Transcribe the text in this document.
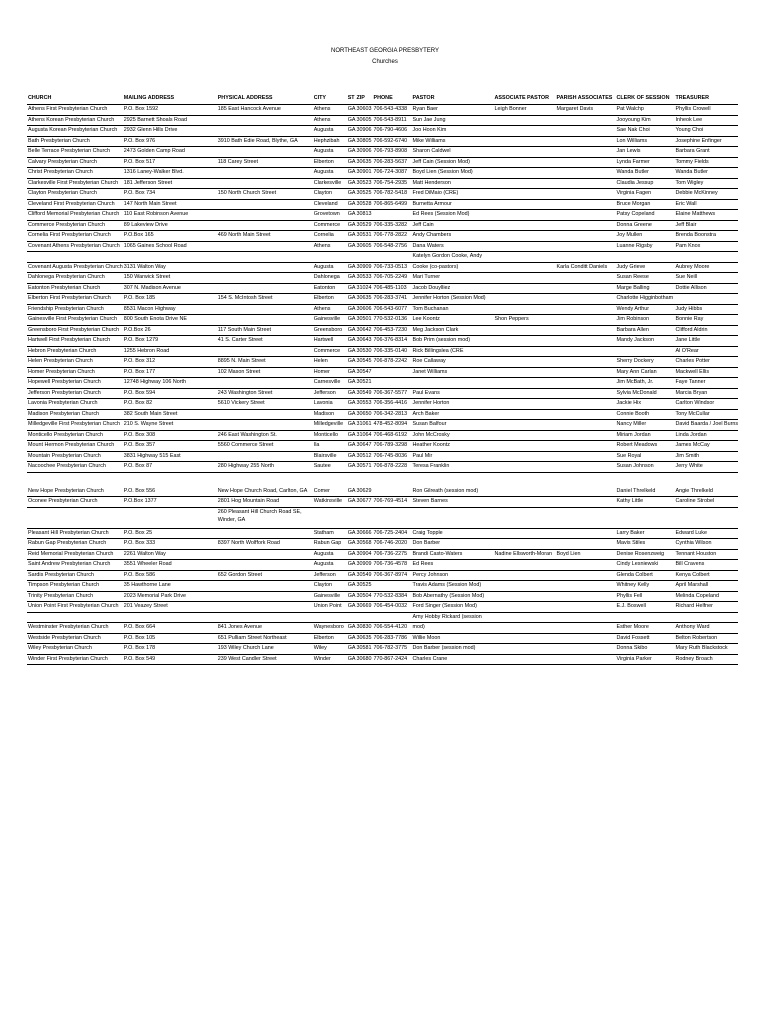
NORTHEAST GEORGIA PRESBYTERY
Churches
CHURCH	MAILING ADDRESS	PHYSICAL ADDRESS	CITY	ST	ZIP	PHONE	PASTOR	ASSOCIATE PASTOR	PARISH ASSOCIATES	CLERK OF SESSION	TREASURER
Athens First Presbyterian Church	P.O. Box 1592	185 East Hancock Avenue	Athens	GA	30603	706-543-4338	Ryan Baer	Leigh Bonner	Margaret Davis	Pat Walchp	Phyllis Crowell
Athens Korean Presbyterian Church	2925 Barnett Shoals Road		Athens	GA	30605	706-543-8911	Sun Jae Jung			Jooyoung Kim	Inheok Lee
Augusta Korean Presbyterian Church	2932 Glenn Hills Drive		Augusta	GA	30906	706-790-4606	Joo Hoon Kim			Sae Nak Choi	Young Choi
Bath Presbyterian Church	P.O. Box 976	3910 Bath Edie Road, Blythe, GA	Hephzibah	GA	30805	706-592-6740	Mike Williams			Lon Williams	Josephine Enfinger
Belle Terrace Presbyterian Church	2473 Golden Camp Road		Augusta	GA	30906	706-793-8908	Sharon Caldwel			Jan Lewis	Barbara Grant
Calvary Presbyterian Church	P.O. Box 517	118 Carey Street	Elberton	GA	30635	706-283-5637	Jeff Cain (Session Mod)			Lynda Farmer	Tommy Fields
Christ Presbyterian Church	1316 Laney-Walker Blvd.		Augusta	GA	30901	706-724-3087	Boyd Lien (Session Mod)			Wanda Butler	Wanda Butler
Clarkesville First Presbyterian Church	181 Jefferson Street		Clarkesville	GA	30523	706-754-2935	Matt Henderson			Claudia Jessup	Tom Wigley
Clayton Presbyterian Church	P.O. Box 734	150 North Church Street	Clayton	GA	30525	706-782-5418	Fred DiMaio (CRE)			Virginia Fagen	Debbie McKinney
Cleveland First Presbyterian Church	147 North Main Street		Cleveland	GA	30528	706-865-6499	Burnetta Armour			Bruce Morgan	Eric Wall
Clifford Memorial Presbyterian Church	110 East Robinson Avenue		Grovetown	GA	30813		Ed Rees (Session Mod)			Patsy Copeland	Elaine Matthews
Commerce Presbyterian Church	89 Lakeview Drive		Commerce	GA	30529	706-335-3282	Jeff Cain			Donna Greene	Jeff Blair
Cornelia First Presbyterian Church	P.O.Box 165	469 North Main Street	Cornelia	GA	30531	706-778-2822	Andy Chambers			Joy Mullen	Brenda Boonstra
Covenant Athens Presbyterian Church	1065 Gaines School Road		Athens	GA	30605	706-548-2756	Dana Waters			Luanne Rigsby	Pam Knox
							Katelyn Gordon Cooke, Andy				
Covenant Augusta Presbyterian Church	3131 Walton Way		Augusta	GA	30909	706-733-0513	Cooke (co-pastors)		Karla Conditt Daniels	Judy Grieve	Aubrey Moore
Dahlonega Presbyterian Church	150 Warwick Street		Dahlonega	GA	30533	706-705-2249	Mari Turner			Susan Reese	Sue Neill
Eatonton Presbyterian Church	307 N. Madison Avenue		Eatonton	GA	31024	706-485-1103	Jacob Douylliez			Marge Balling	Dottie Allison
Elberton First Presbyterian Church	P.O. Box 185	154 S. McIntosh Street	Elberton	GA	30635	706-283-3741	Jennifer Horton (Session Mod)			Charlotte Higginbotham	
Friendship Presbyterian Church	8531 Macon Highway		Athens	GA	30606	706-543-6077	Tom Buchanan			Wendy Arthur	Judy Hibbs
Gainesville First Presbyterian Church	800 South Enota Drive NE		Gainesville	GA	30501	770-532-0136	Lee Koontz	Shon Peppers		Jim Robinson	Bonnie Ray
Greensboro First Presbyterian Church	P.O.Box 26	117 South Main Street	Greensboro	GA	30642	706-453-7230	Meg Jackson Clark			Barbara Allen	Clifford Aldrin
Hartwell First Presbyterian Church	P.O. Box 1279	41 S. Carter Street	Hartwell	GA	30643	706-376-8314	Bob Prim (session mod)			Mandy Jackson	Jane Little
Hebron Presbyterian Church	1255 Hebron Road		Commerce	GA	30530	706-335-0140	Rick Billingslea (CRE				Al O'Rear
Helen Presbyterian Church	P.O. Box 312	8895 N. Main Street	Helen	GA	30545	706-878-2242	Roe Callaway			Sherry Dockery	Charles Potter
Homer Presbyterian Church	P.O. Box 177	102 Mason Street	Homer	GA	30547		Janet Williams			Mary Ann Carlan	Mackwell Ellis
Hopewell Presbyterian Church	12748 Highway 106 North		Carnesville	GA	30521					Jim McBath, Jr.	Faye Tanner
Jefferson Presbyterian Church	P.O. Box 594	243 Washington Street	Jefferson	GA	30549	706-367-5577	Paul Evans			Sylvia McDonald	Marcia Bryan
Lavonia Presbyterian Church	P.O. Box 82	5610 Vickery Street	Lavonia	GA	30553	706-356-4416	Jennifer Horton			Jackie Hix	Carlton Windsor
Madison Presbyterian Church	382 South Main Street		Madison	GA	30650	706-342-2813	Arch Baker			Connie Booth	Tony McCullar
Milledgeville First Presbyterian Church	210 S. Wayne Street		Milledgeville	GA	31061	478-452-8094	Susan Balfour			Nancy Miller	David Baarda / Joel Burns
Monticello Presbyterian Church	P.O. Box 308	246 East Washington St.	Monticello	GA	31064	706-468-6192	John McCrosky			Miriam Jordan	Linda Jordan
Mount Hermon Presbyterian Church	P.O. Box 357	5560 Commerce Street	Ila	GA	30647	706-789-3298	Heather Koontz			Robert Meadows	James McCay
Mountain Presbyterian Church	3831 Highway 515 East		Blairsville	GA	30512	706-745-8036	Paul Mir			Sue Royal	Jim Smith
Nacoochee Presbyterian Church	P.O. Box 87	280 Highway 255 North	Sautee	GA	30571	706-878-2228	Teresa Franklin			Susan Johnson	Jerry White

New Hope Presbyterian Church	P.O. Box 556	New Hope Church Road, Carlton, GA	Comer	GA	30629		Ron Gilreath (session mod)			Daniel Threlkeld	Angie Threlkeld
Oconee Presbyterian Church	P.O.Box 1377	2801 Hog Mountain Road	Watkinsville	GA	30677	706-769-4514	Steven Barnes			Kathy Little	Caroline Strobel
		260 Pleasant Hill Church Road SE, Winder, GA									
Pleasant Hill Presbyterian Church	P.O. Box 25		Statham	GA	30666	706-725-2404	Craig Topple			Larry Baker	Edward Luke
Rabun Gap Presbyterian Church	P.O. Box 333	8397 North Wolffork Road	Rabun Gap	GA	30568	706-746-2020	Don Barber			Mavis Stiles	Cynthia Wilson
Reid Memorial Presbyterian Church	2261 Walton Way		Augusta	GA	30904	706-736-2275	Brandi Casto-Waters	Nadine Ellsworth-Moran	Boyd Lien	Denise Rosenzweig	Tennant Houston
Saint Andrew Presbyterian Church	3551 Wheeler Road		Augusta	GA	30909	706-736-4578	Ed Rees			Cindy Lesniewski	Bill Cravens
Sardis Presbyterian Church	P.O. Box 586	652 Gordon Street	Jefferson	GA	30549	706-367-8974	Percy Johnson			Glenda Colbert	Kenya Colbert
Timpson Presbyterian Church	35 Hawthorne Lane		Clayton	GA	30525		Travis Adams (Session Mod)			Whitney Kelly	April Marshall
Trinity Presbyterian Church	2023 Memorial Park Drive		Gainesville	GA	30504	770-532-8384	Bob Abernathy (Session Mod)			Phyllis Fell	Melinda Copeland
Union Point First Presbyterian Church	201 Veazey Street		Union Point	GA	30669	706-454-0032	Ford Singer (Session Mod)			E.J. Boswell	Richard Helfner
							Amy Hobby Rickard (session				
Westminster Presbyterian Church	P.O. Box 664	841 Jones Avenue	Waynesboro	GA	30830	706-554-4120	mod)			Esther Moore	Anthony Ward
Westside Presbyterian Church	P.O. Box 105	651 Pulliam Street Northeast	Elberton	GA	30635	706-283-7786	Willie Moon			David Fossett	Belton Robertson
Wiley Presbyterian Church	P.O. Box 178	193 Wiley Church Lane	Wiley	GA	30581	706-782-3775	Don Barber (session mod)			Donna Skibo	Mary Ruth Blackstock
Winder First Presbyterian Church	P.O. Box 549	239 West Candler Street	Winder	GA	30680	770-867-2424	Charles Crane			Virginia Parker	Rodney Broach
